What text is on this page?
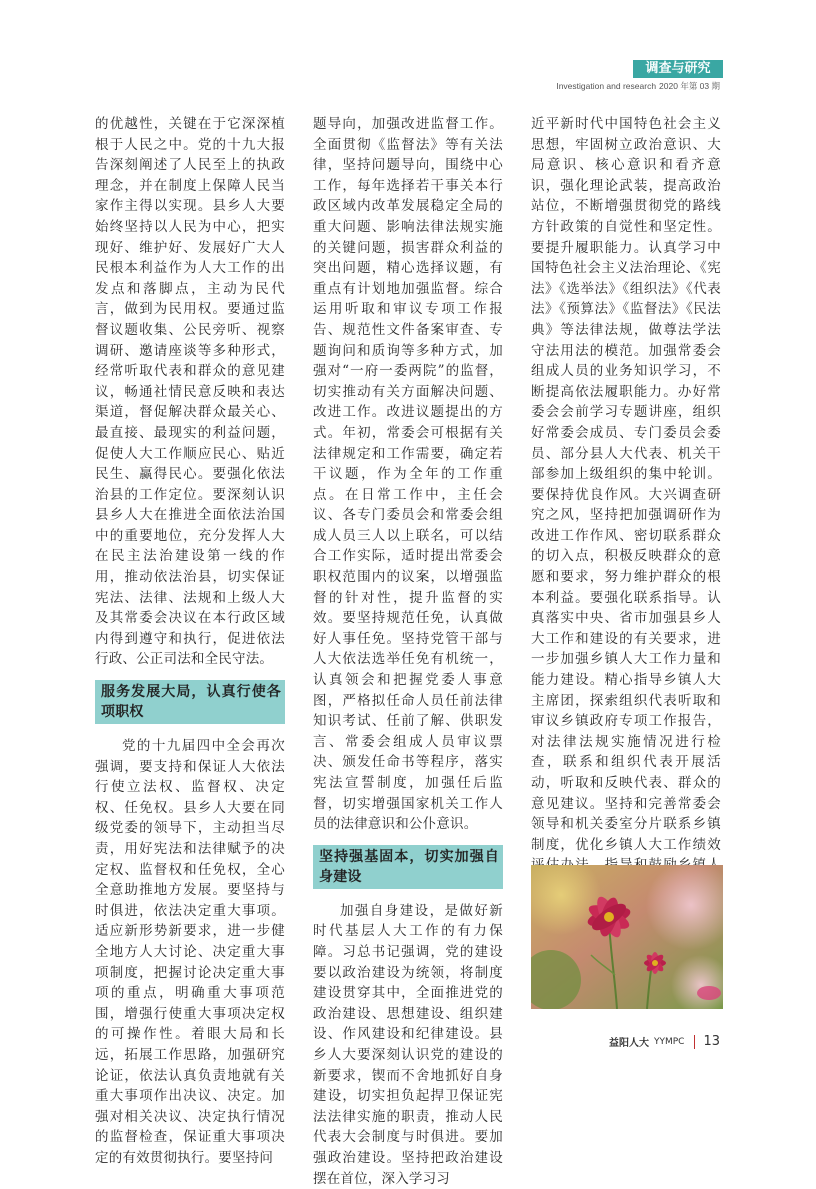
调查与研究
Investigation and research 2020 年第 03 期

的优越性，关键在于它深深植根于人民之中。党的十九大报告深刻阐述了人民至上的执政理念，并在制度上保障人民当家作主得以实现。县乡人大要始终坚持以人民为中心，把实现好、维护好、发展好广大人民根本利益作为人大工作的出发点和落脚点，主动为民代言，做到为民用权。要通过监督议题收集、公民旁听、视察调研、邀请座谈等多种形式，经常听取代表和群众的意见建议，畅通社情民意反映和表达渠道，督促解决群众最关心、最直接、最现实的利益问题，促使人大工作顺应民心、贴近民生、赢得民心。要强化依法治县的工作定位。要深刻认识县乡人大在推进全面依法治国中的重要地位，充分发挥人大在民主法治建设第一线的作用，推动依法治县，切实保证宪法、法律、法规和上级人大及其常委会决议在本行政区域内得到遵守和执行，促进依法行政、公正司法和全民守法。

服务发展大局，认真行使各项职权

党的十九届四中全会再次强调，要支持和保证人大依法行使立法权、监督权、决定权、任免权。县乡人大要在同级党委的领导下，主动担当尽责，用好宪法和法律赋予的决定权、监督权和任免权，全心全意助推地方发展。要坚持与时俱进，依法决定重大事项。适应新形势新要求，进一步健全地方人大讨论、决定重大事项制度，把握讨论决定重大事项的重点，明确重大事项范围，增强行使重大事项决定权的可操作性。着眼大局和长远，拓展工作思路，加强研究论证，依法认真负责地就有关重大事项作出决议、决定。加强对相关决议、决定执行情况的监督检查，保证重大事项决定的有效贯彻执行。要坚持问

题导向，加强改进监督工作。全面贯彻《监督法》等有关法律，坚持问题导向，围绕中心工作，每年选择若干事关本行政区域内改革发展稳定全局的重大问题、影响法律法规实施的关键问题，损害群众利益的突出问题，精心选择议题，有重点有计划地加强监督。综合运用听取和审议专项工作报告、规范性文件备案审查、专题询问和质询等多种方式，加强对“一府一委两院”的监督，切实推动有关方面解决问题、改进工作。改进议题提出的方式。年初，常委会可根据有关法律规定和工作需要，确定若干议题，作为全年的工作重点。在日常工作中，主任会议、各专门委员会和常委会组成人员三人以上联名，可以结合工作实际，适时提出常委会职权范围内的议案，以增强监督的针对性，提升监督的实效。要坚持规范任免，认真做好人事任免。坚持党管干部与人大依法选举任免有机统一，认真领会和把握党委人事意图，严格拟任命人员任前法律知识考试、任前了解、供职发言、常委会组成人员审议票决、颁发任命书等程序，落实宪法宣誓制度，加强任后监督，切实增强国家机关工作人员的法律意识和公仆意识。

坚持强基固本，切实加强自身建设

加强自身建设，是做好新时代基层人大工作的有力保障。习总书记强调，党的建设要以政治建设为统领，将制度建设贯穿其中，全面推进党的政治建设、思想建设、组织建设、作风建设和纪律建设。县乡人大要深刻认识党的建设的新要求，锲而不舍地抓好自身建设，切实担负起捍卫保证宪法法律实施的职责，推动人民代表大会制度与时俱进。要加强政治建设。坚持把政治建设摆在首位，深入学习习

近平新时代中国特色社会主义思想，牢固树立政治意识、大局意识、核心意识和看齐意识，强化理论武装，提高政治站位，不断增强贯彻党的路线方针政策的自觉性和坚定性。要提升履职能力。认真学习中国特色社会主义法治理论、《宪法》《选举法》《组织法》《代表法》《预算法》《监督法》《民法典》等法律法规，做尊法学法守法用法的模范。加强常委会组成人员的业务知识学习，不断提高依法履职能力。办好常委会会前学习专题讲座，组织好常委会成员、专门委员会委员、部分县人大代表、机关干部参加上级组织的集中轮训。要保持优良作风。大兴调查研究之风，坚持把加强调研作为改进工作作风、密切联系群众的切入点，积极反映群众的意愿和要求，努力维护群众的根本利益。要强化联系指导。认真落实中央、省市加强县乡人大工作和建设的有关要求，进一步加强乡镇人大工作力量和能力建设。精心指导乡镇人大主席团，探索组织代表听取和审议乡镇政府专项工作报告，对法律法规实施情况进行检查，联系和组织代表开展活动，听取和反映代表、群众的意见建议。坚持和完善常委会领导和机关委室分片联系乡镇制度，优化乡镇人大工作绩效

益阳人大 YYMPC 13
